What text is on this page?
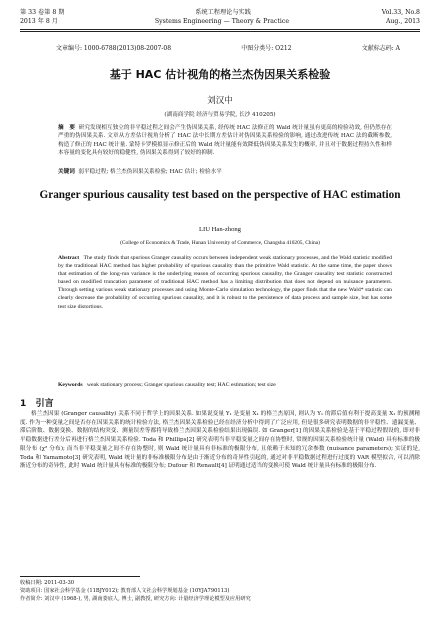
第 33 卷第 8 期	系统工程理论与实践	Vol.33, No.8
2013 年 8 月	Systems Engineering — Theory & Practice	Aug., 2013
文章编号: 1000-6788(2013)08-2007-08	中图分类号: O212	文献标志码: A
基于 HAC 估计视角的格兰杰伪因果关系检验
刘汉中
(湖南商学院 经济与贸易学院, 长沙 410205)
摘　要 研究发现相互独立的非平稳过程之间会产生伪因果关系, 经传统 HAC 法修正的 Wald 统计量虽有更高的检验功效, 但仍然存在严重的伪因果关系. 文章从方差估计视角分析了 HAC 法中长期方差估计对伪因果关系检验的影响, 通过改进传统 HAC 法的截断参数, 构造了修正的 HAC 统计量. 蒙特卡罗模拟显示修正后的 Wald 统计量能有效降低伪因果关系发生的概率, 并且对于数据过程持久性和样本容量的变化具有较好的稳健性, 伪因果关系得到了较好的抑制.
关键词 弱平稳过程; 格兰杰伪因果关系检验; HAC 估计; 检验水平
Granger spurious causality test based on the perspective of HAC estimation
LIU Han-zhong
(College of Economics & Trade, Hunan University of Commerce, Changsha 410205, China)
Abstract The study finds that spurious Granger causality occurs between independent weak stationary processes, and the Wald statistic modified by the traditional HAC method has higher probability of spurious causality than the primitive Wald statistic. At the same time, the paper shows that estimation of the long-run variance is the underlying reason of occurring spurious causality, the Granger causality test statistic constructed based on modified truncation parameter of traditional HAC method has a limiting distribution that does not depend on nuisance parameters. Through setting various weak stationary processes and using Monte-Carlo simulation technology, the paper finds that the new Wald* statistic can clearly decrease the probability of occurring spurious causality, and it is robust to the persistence of data process and sample size, but has some test size distortions.
Keywords weak stationary process; Granger spurious causality test; HAC estimation; test size
1 引言
格兰杰因果 (Granger causality) 关系不同于哲学上的因果关系. 如果说变量 Y₁ 是变量 X₁ 的格兰杰原因, 则认为 Y₁ 的滞后值有利于提高变量 X₁ 的预测精度. 作为一种变量之间是否存在因果关系的统计检验方法, 格兰杰因果关系检验已经在经济分析中得到了广泛应用, 但是很多研究表明数据的非平稳性、遗漏变量、滞后阶数、数据变换、数据的结构突变、测量误差等都将导致格兰杰因果关系检验结果出现偏误. 如 Granger[1] 的因果关系检验是基于平稳过程假设的, 即对非平稳数据进行差分后再进行格兰杰因果关系检验. Toda 和 Phillips[2] 研究表明当非平稳变量之间存在协整时, 常规的因果关系检验统计量 (Wald) 具有标准的极限分布 (χ² 分布); 而当非平稳变量之间不存在协整时, 则 Wald 统计量具有非标准的极限分布, 且依赖于未知的冗余参数 (nuisance parameters); 实证的是, Toda 和 Yamamoto[3] 研究表明, Wald 统计量的非标准极限分布是由于渐近分布的奇异性引起的, 通过对非平稳数据过程进行过度的 VAR 模型拟合, 可以消除渐近分布的奇异性, 此时 Wald 统计量具有标准的极限分布; Dufour 和 Renault[4] 证明通过适当的变换可使 Wald 统计量具有标准的极限分布.
收稿日期: 2011-03-30
资助项目: 国家社会科学基金 (11BJY012); 教育部人文社会科学规划基金 (10YJA790113)
作者简介: 刘汉中 (1968-), 男, 湖南娄底人, 博士, 副教授, 研究方向: 计量经济学理论模型及应用研究
